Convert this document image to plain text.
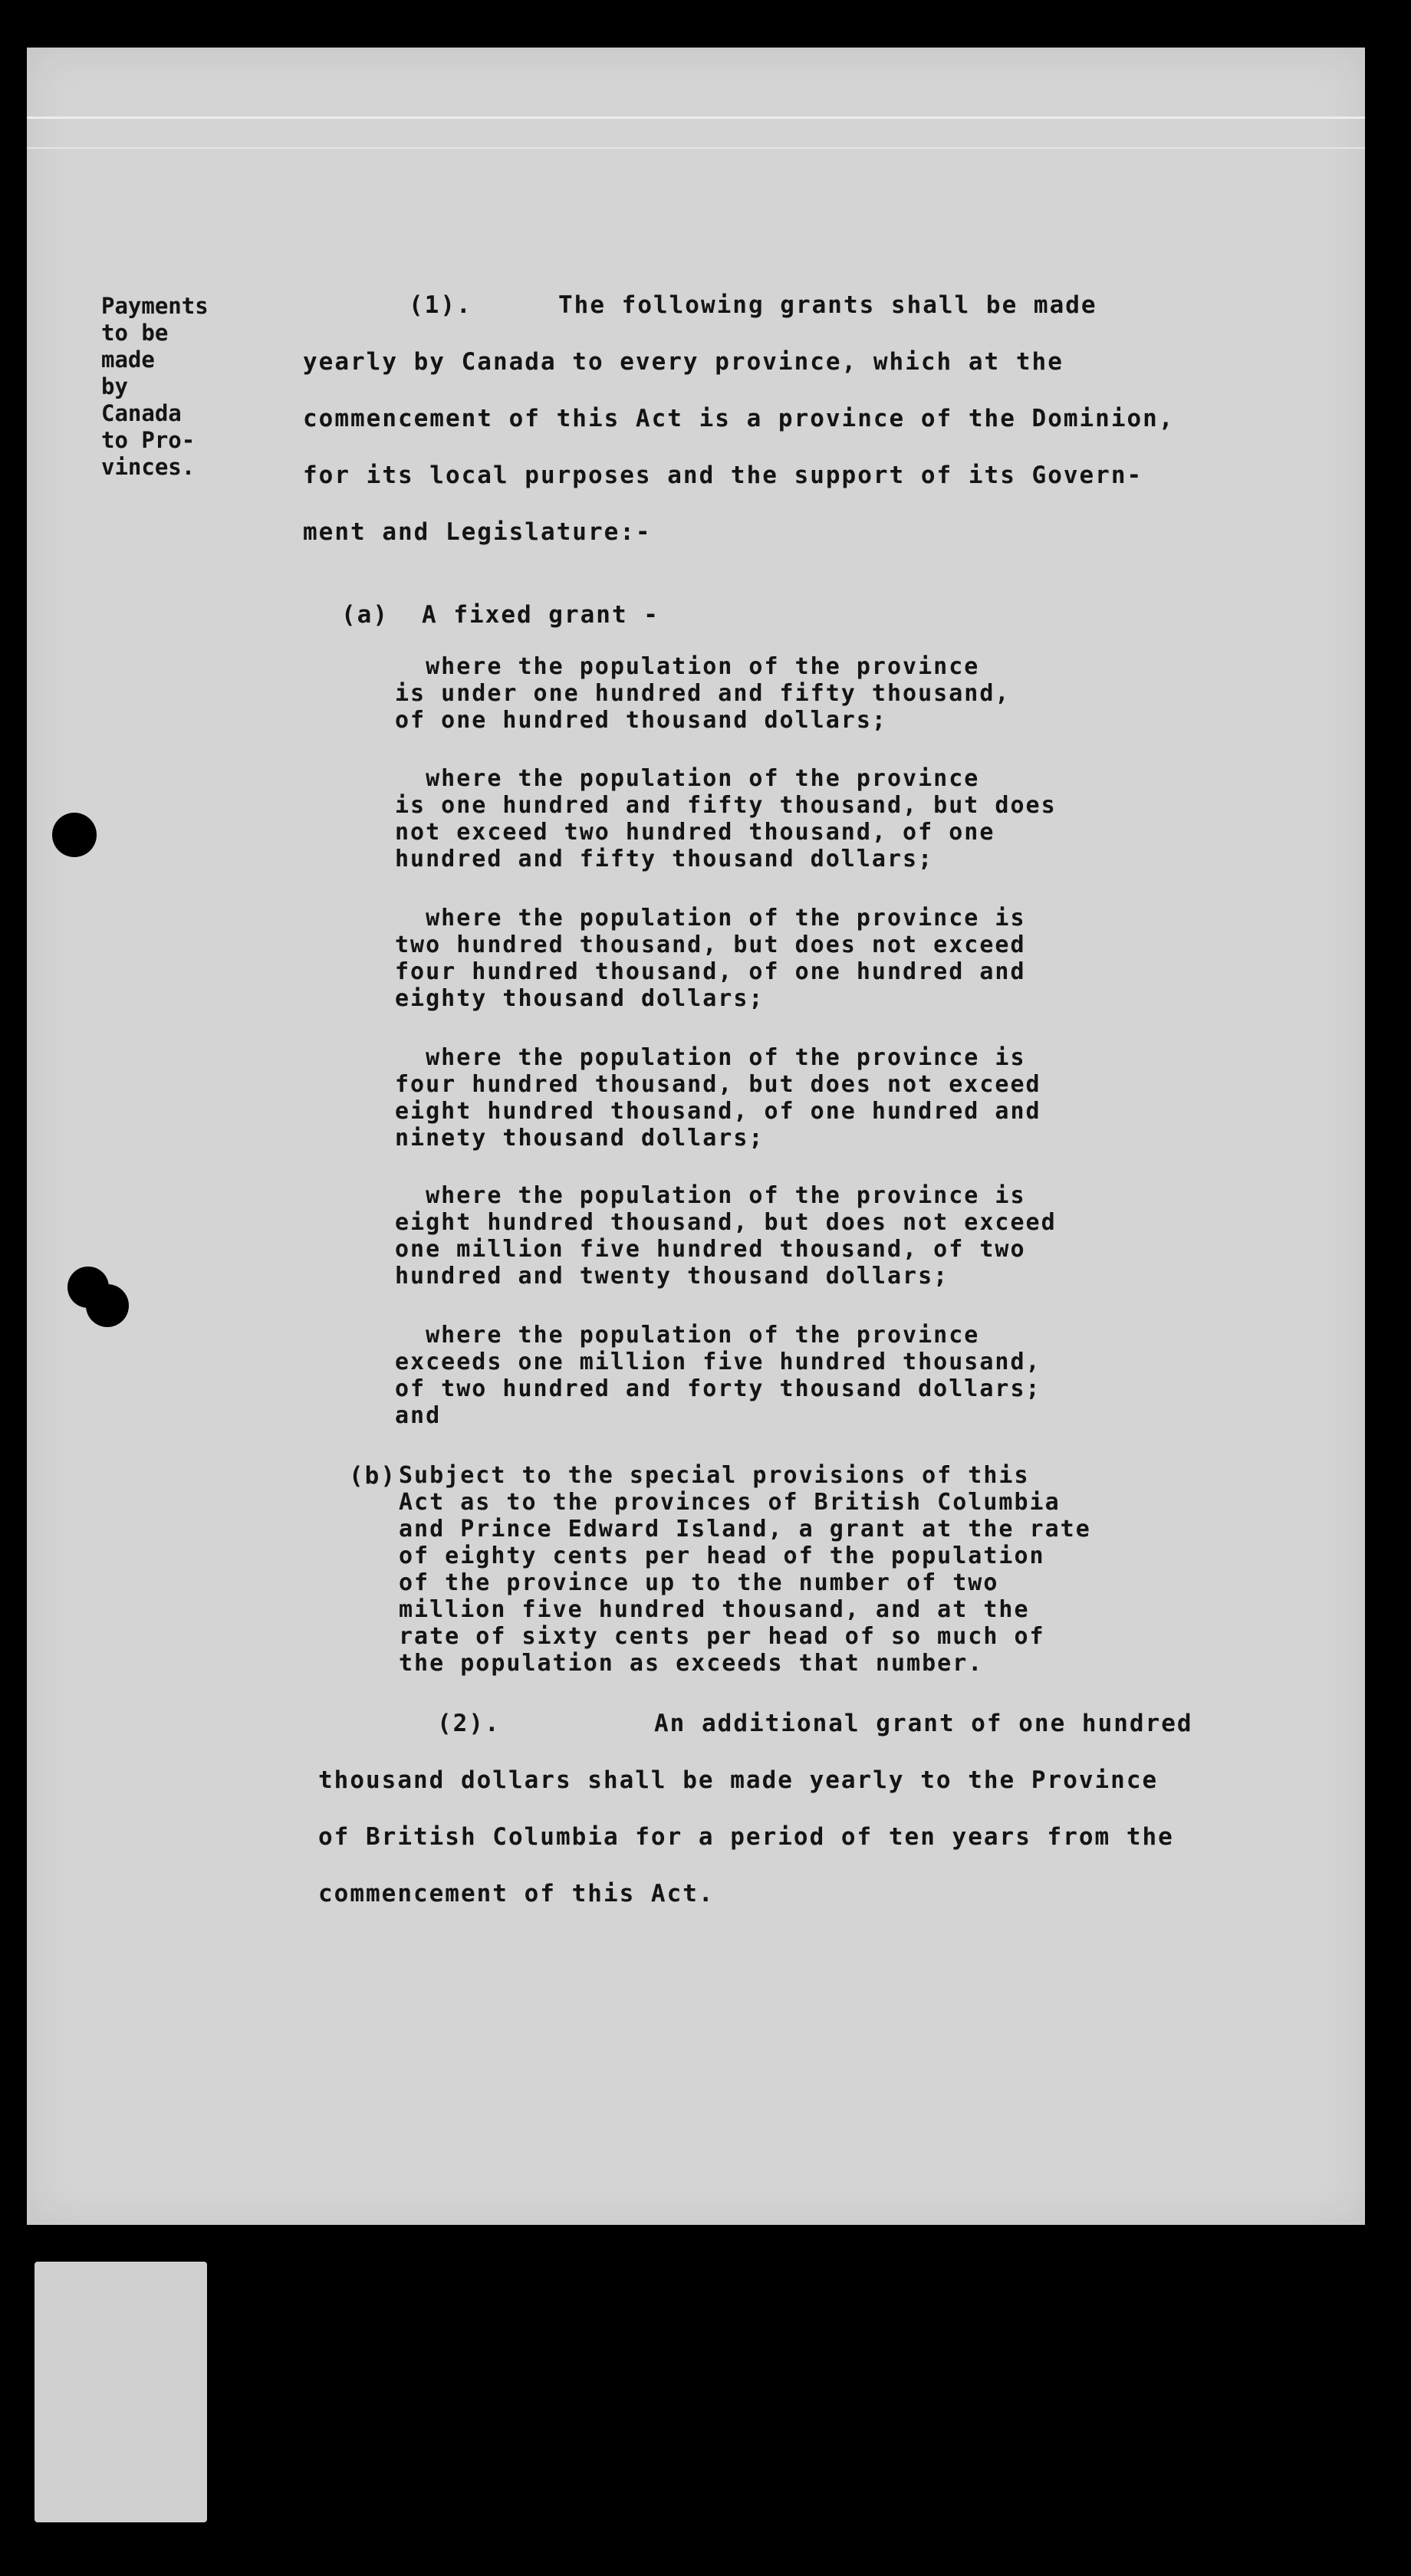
Payments
to be
made
by
Canada
to Pro-
vinces.
(1).	The following grants shall be made
yearly by Canada to every province, which at the
commencement of this Act is a province of the Dominion,
for its local purposes and the support of its Govern-
ment and Legislature:-
(a) A fixed grant -
where the population of the province
is under one hundred and fifty thousand,
of one hundred thousand dollars;
where the population of the province
is one hundred and fifty thousand, but does
not exceed two hundred thousand, of one
hundred and fifty thousand dollars;
where the population of the province is
two hundred thousand, but does not exceed
four hundred thousand, of one hundred and
eighty thousand dollars;
where the population of the province is
four hundred thousand, but does not exceed
eight hundred thousand, of one hundred and
ninety thousand dollars;
where the population of the province is
eight hundred thousand, but does not exceed
one million five hundred thousand, of two
hundred and twenty thousand dollars;
where the population of the province
exceeds one million five hundred thousand,
of two hundred and forty thousand dollars;
and
(b) Subject to the special provisions of this
Act as to the provinces of British Columbia
and Prince Edward Island, a grant at the rate
of eighty cents per head of the population
of the province up to the number of two
million five hundred thousand, and at the
rate of sixty cents per head of so much of
the population as exceeds that number.
(2).	An additional grant of one hundred
thousand dollars shall be made yearly to the Province
of British Columbia for a period of ten years from the
commencement of this Act.
